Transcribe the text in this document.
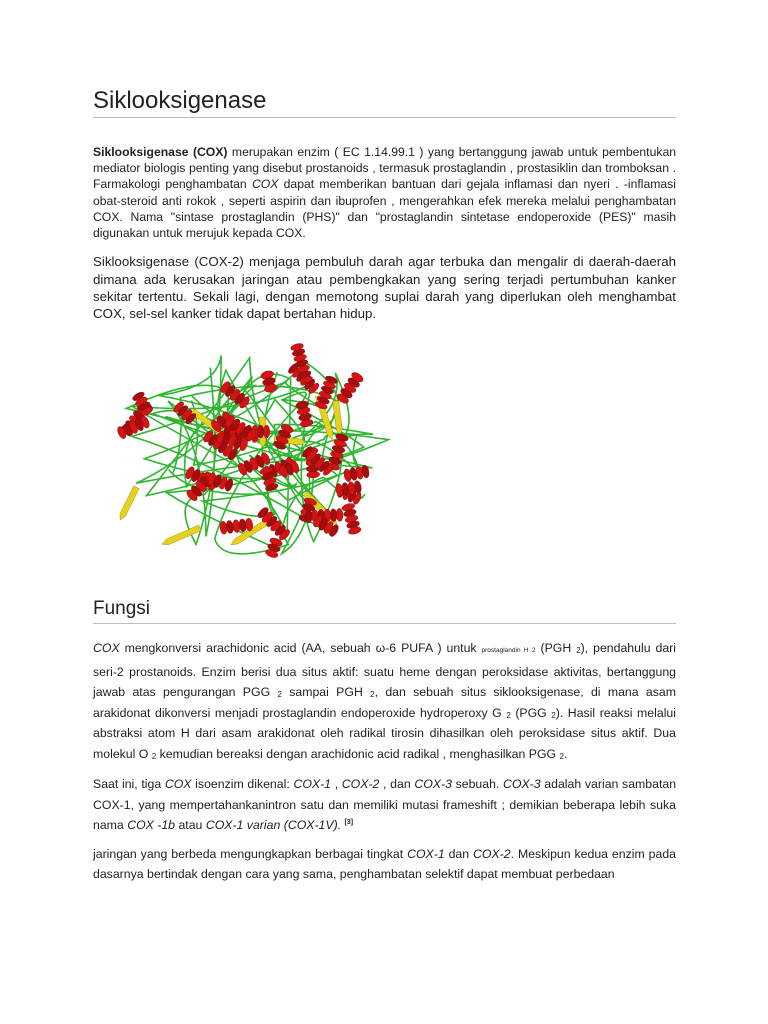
Siklooksigenase

Siklooksigenase (COX) merupakan enzim ( EC 1.14.99.1 ) yang bertanggung jawab untuk pembentukan mediator biologis penting yang disebut prostanoids , termasuk prostaglandin , prostasiklin dan tromboksan . Farmakologi penghambatan COX dapat memberikan bantuan dari gejala inflamasi dan nyeri . -inflamasi obat-steroid anti rokok , seperti aspirin dan ibuprofen , mengerahkan efek mereka melalui penghambatan COX. Nama "sintase prostaglandin (PHS)" dan "prostaglandin sintetase endoperoxide (PES)" masih digunakan untuk merujuk kepada COX.

Siklooksigenase (COX-2) menjaga pembuluh darah agar terbuka dan mengalir di daerah-daerah dimana ada kerusakan jaringan atau pembengkakan yang sering terjadi pertumbuhan kanker sekitar tertentu. Sekali lagi, dengan memotong suplai darah yang diperlukan oleh menghambat COX, sel-sel kanker tidak dapat bertahan hidup.

Fungsi

COX mengkonversi arachidonic acid (AA, sebuah ω-6 PUFA ) untuk prostaglandin H 2 (PGH $_2$), pendahulu dari seri-2 prostanoids. Enzim berisi dua situs aktif: suatu heme dengan peroksidase aktivitas, bertanggung jawab atas pengurangan PGG $_2$ sampai PGH $_2$, dan sebuah situs siklooksigenase, di mana asam arakidonat dikonversi menjadi prostaglandin endoperoxide hydroperoxy G $_2$ (PGG $_2$). Hasil reaksi melalui abstraksi atom H dari asam arakidonat oleh radikal tirosin dihasilkan oleh peroksidase situs aktif. Dua molekul O $_2$ kemudian bereaksi dengan arachidonic acid radikal , menghasilkan PGG $_2$.

Saat ini, tiga COX isoenzim dikenal: COX-1 , COX-2 , dan COX-3 sebuah. COX-3 adalah varian sambatan COX-1, yang mempertahankanintron satu dan memiliki mutasi frameshift ; demikian beberapa lebih suka nama COX -1b atau COX-1 varian (COX-1V). [3]

jaringan yang berbeda mengungkapkan berbagai tingkat COX-1 dan COX-2. Meskipun kedua enzim pada dasarnya bertindak dengan cara yang sama, penghambatan selektif dapat membuat perbedaan
